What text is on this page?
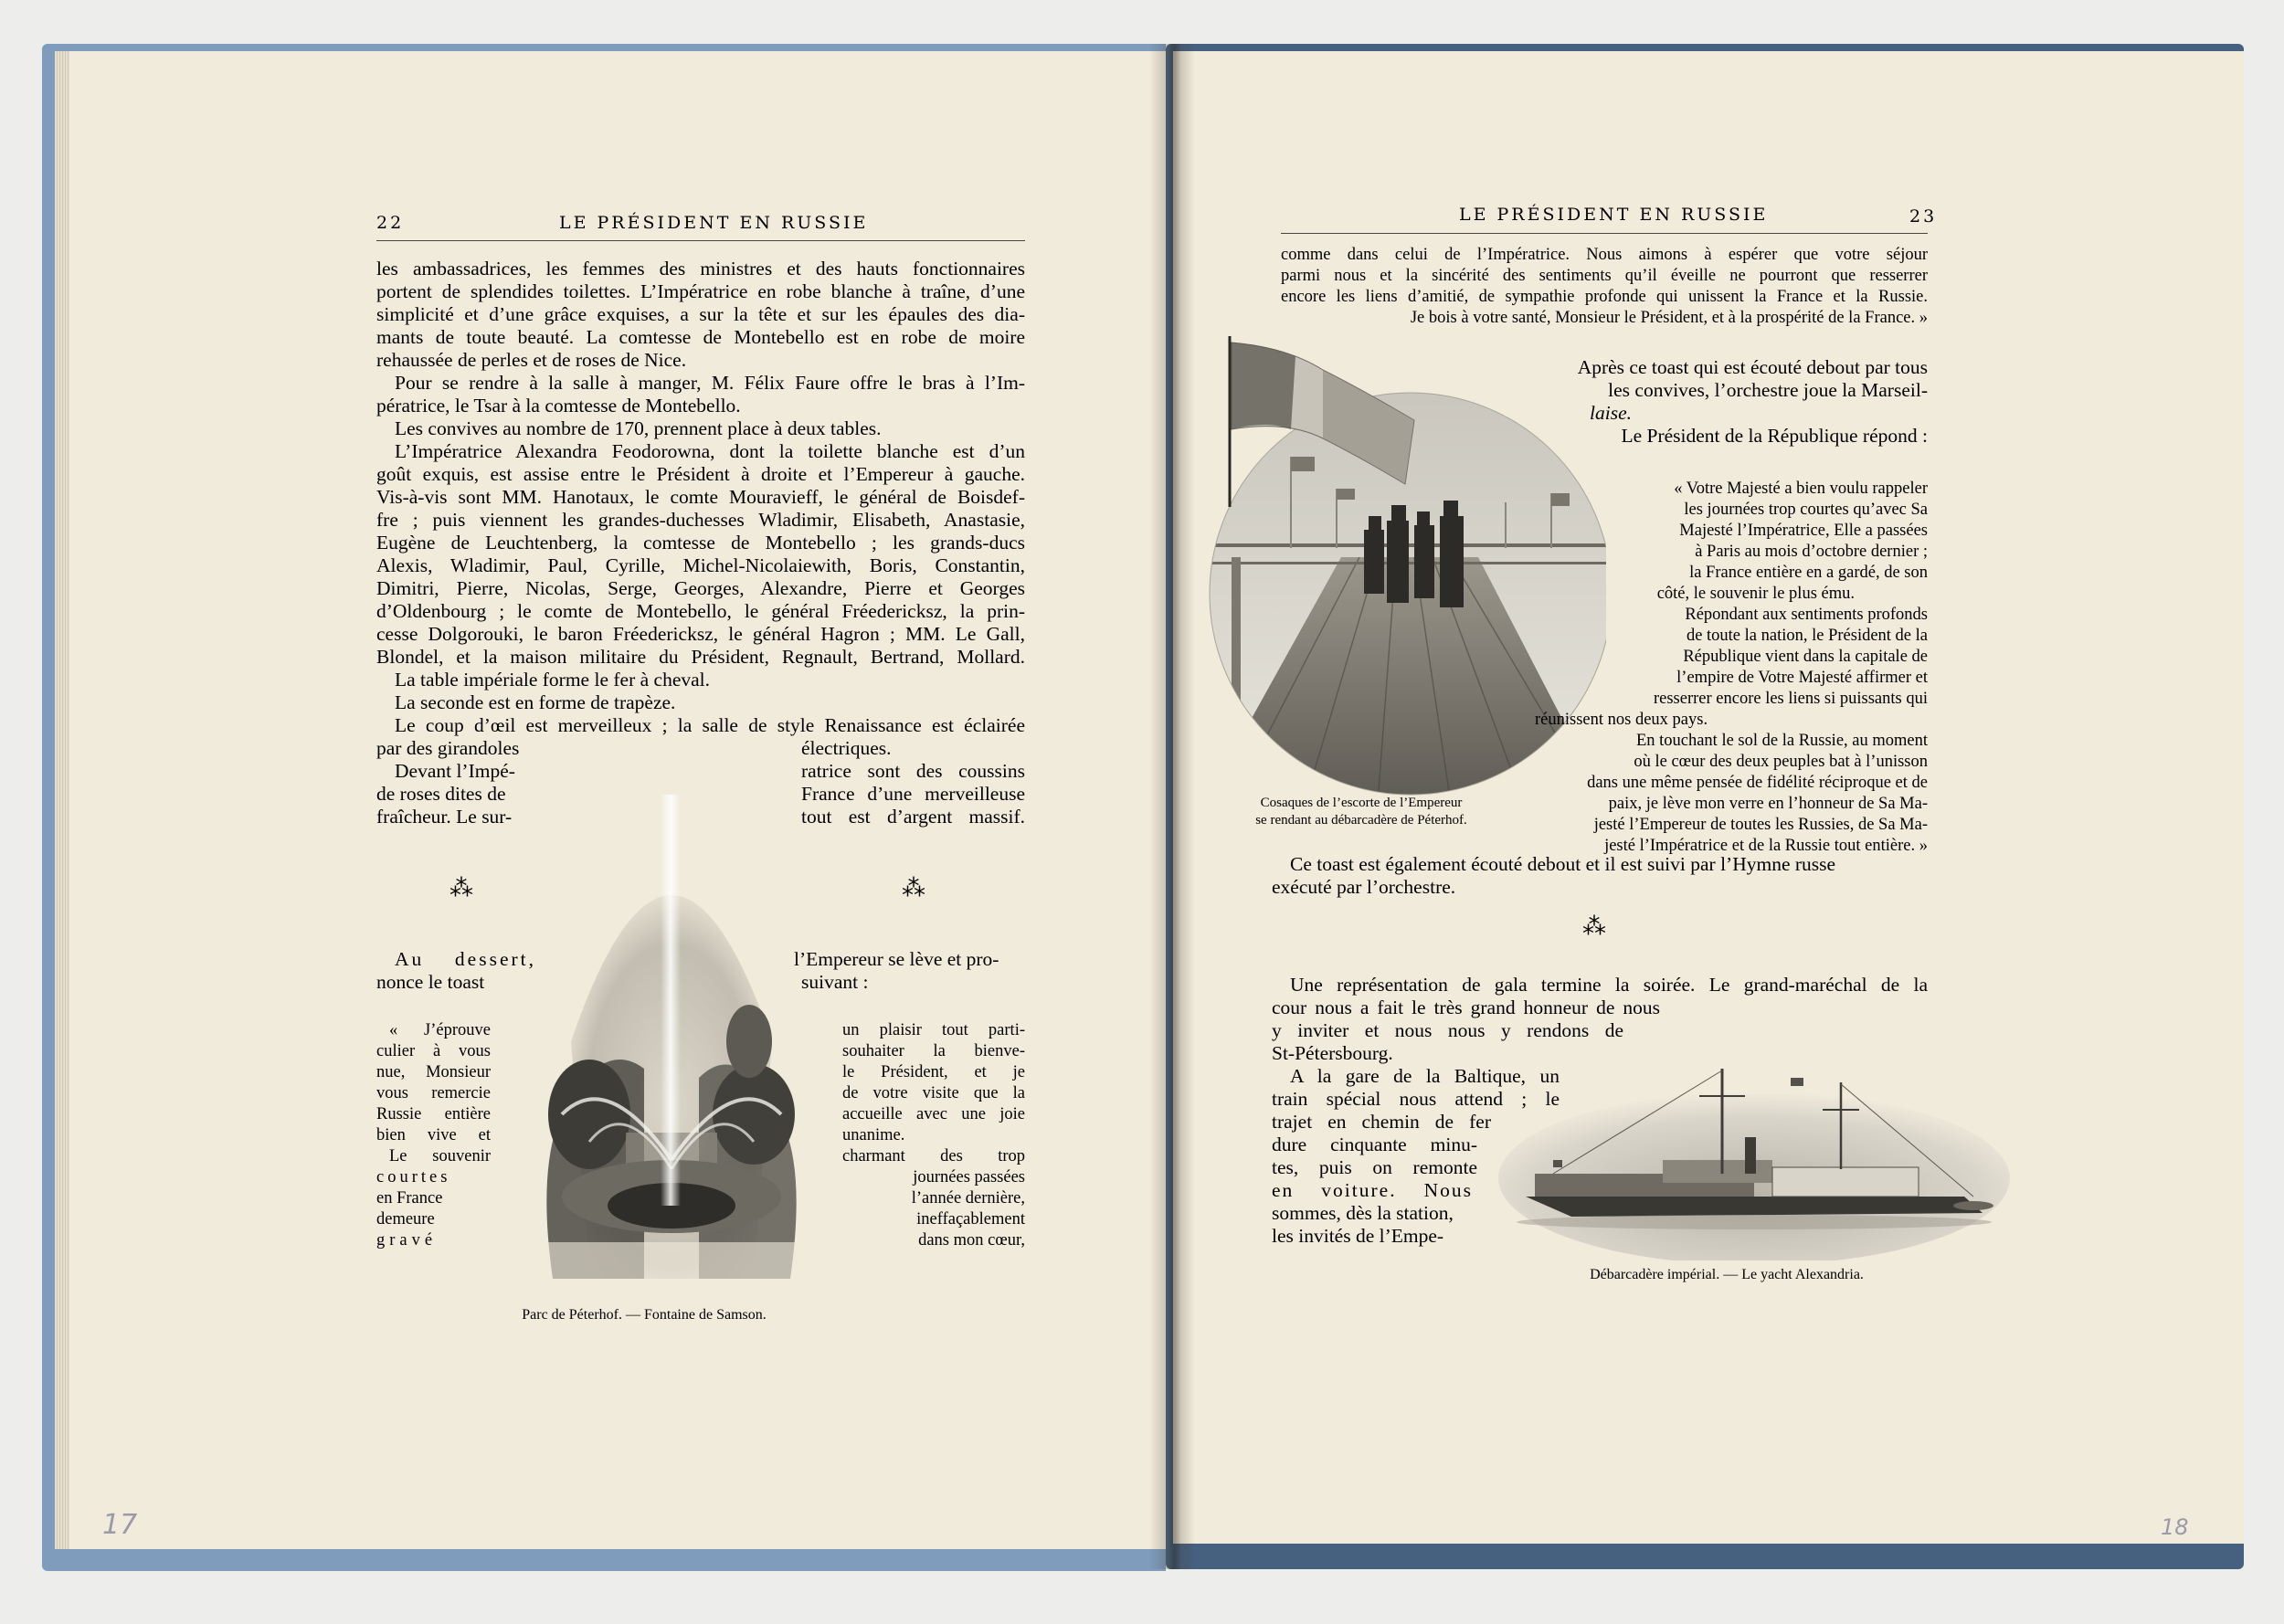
22	LE PRÉSIDENT EN RUSSIE
les ambassadrices, les femmes des ministres et des hauts fonctionnaires
portent de splendides toilettes. L’Impératrice en robe blanche à traîne, d’une
simplicité et d’une grâce exquises, a sur la tête et sur les épaules des dia-
mants de toute beauté. La comtesse de Montebello est en robe de moire
rehaussée de perles et de roses de Nice.
Pour se rendre à la salle à manger, M. Félix Faure offre le bras à l’Im-
pératrice, le Tsar à la comtesse de Montebello.
Les convives au nombre de 170, prennent place à deux tables.
L’Impératrice Alexandra Feodorowna, dont la toilette blanche est d’un
goût exquis, est assise entre le Président à droite et l’Empereur à gauche.
Vis-à-vis sont MM. Hanotaux, le comte Mouravieff, le général de Boisdef-
fre ; puis viennent les grandes-duchesses Wladimir, Elisabeth, Anastasie,
Eugène de Leuchtenberg, la comtesse de Montebello ; les grands-ducs
Alexis, Wladimir, Paul, Cyrille, Michel-Nicolaiewith, Boris, Constantin,
Dimitri, Pierre, Nicolas, Serge, Georges, Alexandre, Pierre et Georges
d’Oldenbourg ; le comte de Montebello, le général Fréedericksz, la prin-
cesse Dolgorouki, le baron Fréedericksz, le général Hagron ; MM. Le Gall,
Blondel, et la maison militaire du Président, Regnault, Bertrand, Mollard.
La table impériale forme le fer à cheval.
La seconde est en forme de trapèze.
Le coup d’œil est merveilleux ; la salle de style Renaissance est éclairée
par des girandoles
Devant l’Impé-
de roses dites de
fraîcheur. Le sur-
électriques.
ratrice sont des coussins
France d’une merveilleuse
tout est d’argent massif.
⁂	⁂
Au dessert,
nonce le toast
l’Empereur se lève et pro-
suivant :
« J’éprouve
culier à vous
nue, Monsieur
vous remercie
Russie entière
bien vive et
Le souvenir
courtes
en France
demeure
gravé
un plaisir tout parti-
souhaiter la bienve-
le Président, et je
de votre visite que la
accueille avec une joie
unanime.
charmant des trop
journées passées
l’année dernière,
ineffaçablement
dans mon cœur,
Parc de Péterhof. — Fontaine de Samson.
17
LE PRÉSIDENT EN RUSSIE	23
comme dans celui de l’Impératrice. Nous aimons à espérer que votre séjour
parmi nous et la sincérité des sentiments qu’il éveille ne pourront que resserrer
encore les liens d’amitié, de sympathie profonde qui unissent la France et la Russie.
Je bois à votre santé, Monsieur le Président, et à la prospérité de la France. »
Cosaques de l’escorte de l’Empereur
se rendant au débarcadère de Péterhof.
Après ce toast qui est écouté debout par tous
les convives, l’orchestre joue la Marseil-
laise.
Le Président de la République répond :
« Votre Majesté a bien voulu rappeler
les journées trop courtes qu’avec Sa
Majesté l’Impératrice, Elle a passées
à Paris au mois d’octobre dernier ;
la France entière en a gardé, de son
côté, le souvenir le plus ému.
Répondant aux sentiments profonds
de toute la nation, le Président de la
République vient dans la capitale de
l’empire de Votre Majesté affirmer et
resserrer encore les liens si puissants qui
réunissent nos deux pays.
En touchant le sol de la Russie, au moment
où le cœur des deux peuples bat à l’unisson
dans une même pensée de fidélité réciproque et de
paix, je lève mon verre en l’honneur de Sa Ma-
jesté l’Empereur de toutes les Russies, de Sa Ma-
jesté l’Impératrice et de la Russie tout entière. »
Ce toast est également écouté debout et il est suivi par l’Hymne russe
exécuté par l’orchestre.
⁂
Une représentation de gala termine la soirée. Le grand-maréchal de la
cour nous a fait le très grand honneur de nous
y inviter et nous nous y rendons de
St-Pétersbourg.
A la gare de la Baltique, un
train spécial nous attend ; le
trajet en chemin de fer
dure cinquante minu-
tes, puis on remonte
en voiture. Nous
sommes, dès la station,
les invités de l’Empe-
Débarcadère impérial. — Le yacht Alexandria.
18
